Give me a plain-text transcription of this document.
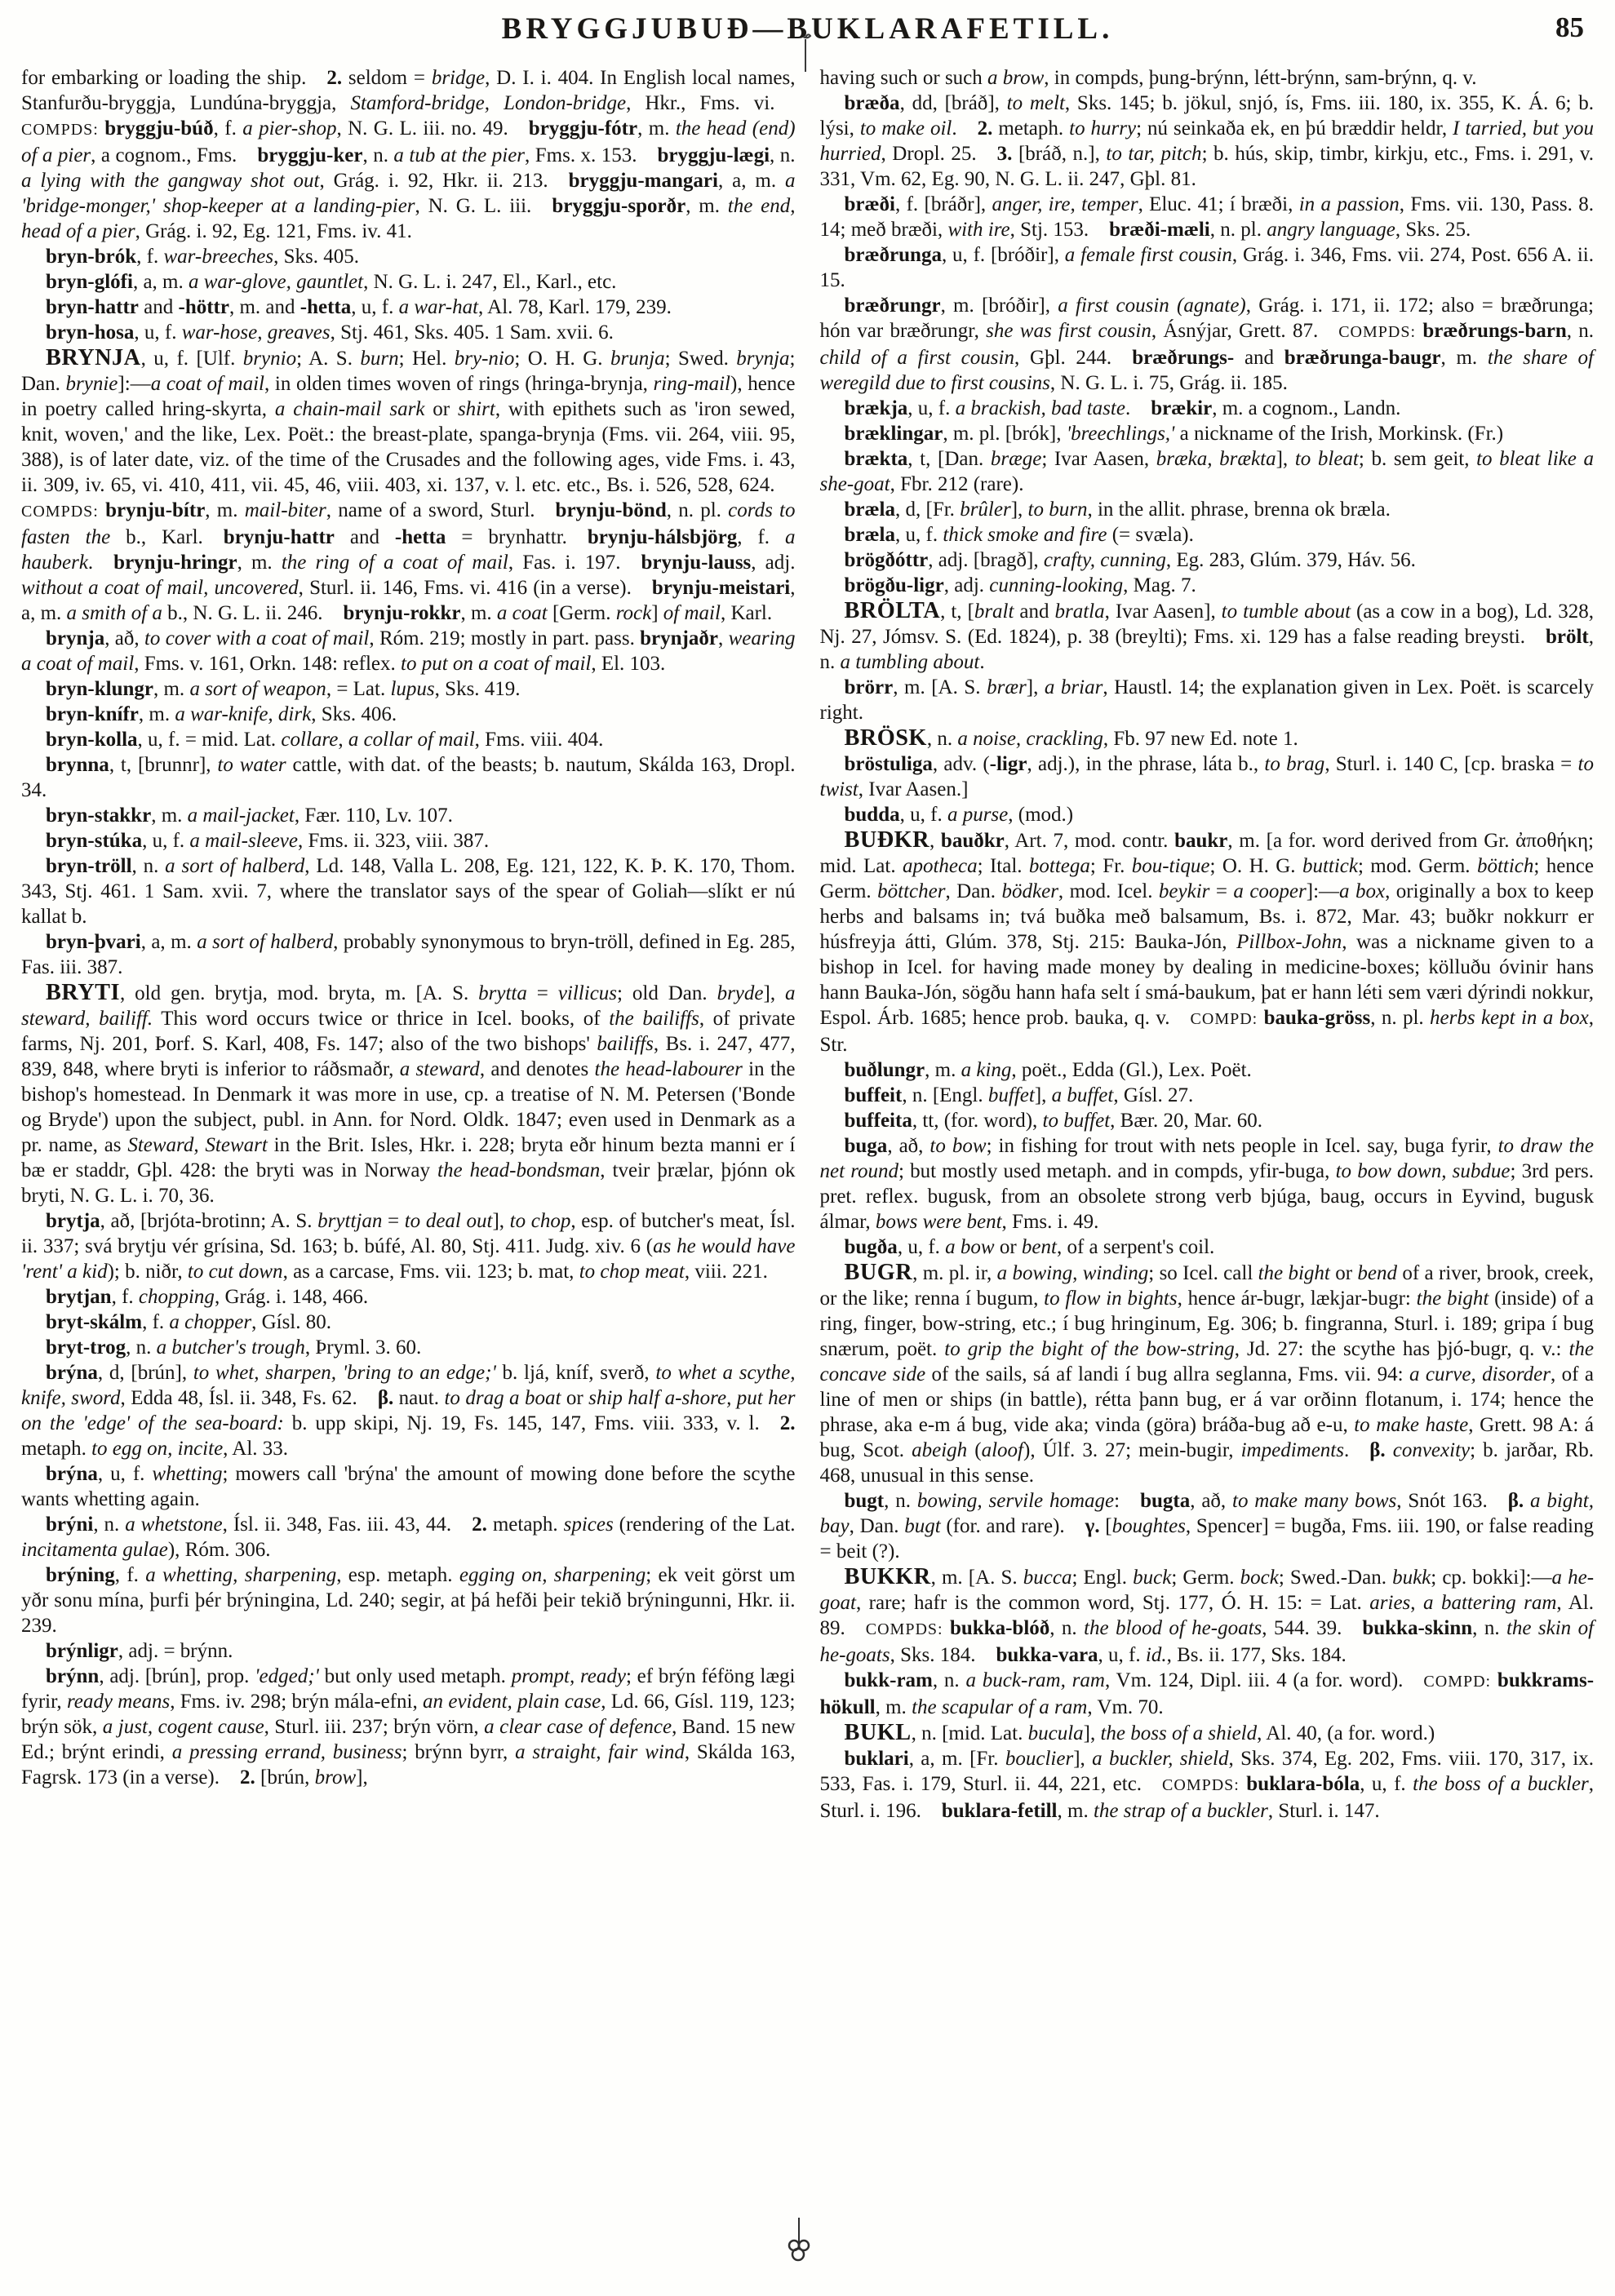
BRYGGJUBUÐ—BUKLARAFETILL.	85

for embarking or loading the ship.  2. seldom = bridge, D. I. i. 404. In English local names, Stanfurðu-bryggja, Lundúna-bryggja, Stamford-bridge, London-bridge, Hkr., Fms. vi.  COMPDS: bryggju-búð, f. a pier-shop, N. G. L. iii. no. 49.  bryggju-fótr, m. the head (end) of a pier, a cognom., Fms.  bryggju-ker, n. a tub at the pier, Fms. x. 153.  bryggju-lægi, n. a lying with the gangway shot out, Grág. i. 92, Hkr. ii. 213.  bryggju-mangari, a, m. a 'bridge-monger,' shop-keeper at a landing-pier, N. G. L. iii.  bryggju-sporðr, m. the end, head of a pier, Grág. i. 92, Eg. 121, Fms. iv. 41.

bryn-brók, f. war-breeches, Sks. 405.

bryn-glófi, a, m. a war-glove, gauntlet, N. G. L. i. 247, El., Karl., etc.

bryn-hattr and -höttr, m. and -hetta, u, f. a war-hat, Al. 78, Karl. 179, 239.

bryn-hosa, u, f. war-hose, greaves, Stj. 461, Sks. 405. 1 Sam. xvii. 6.

BRYNJA, u, f. [Ulf. brynio; A. S. burn; Hel. bry-nio; O. H. G. brunja; Swed. brynja; Dan. brynie]:—a coat of mail, in olden times woven of rings (hringa-brynja, ring-mail), hence in poetry called hring-skyrta, a chain-mail sark or shirt, with epithets such as 'iron sewed, knit, woven,' and the like, Lex. Poët.: the breast-plate, spanga-brynja (Fms. vii. 264, viii. 95, 388), is of later date, viz. of the time of the Crusades and the following ages, vide Fms. i. 43, ii. 309, iv. 65, vi. 410, 411, vii. 45, 46, viii. 403, xi. 137, v. l. etc. etc., Bs. i. 526, 528, 624.  COMPDS: brynju-bítr, m. mail-biter, name of a sword, Sturl.  brynju-bönd, n. pl. cords to fasten the b., Karl.  brynju-hattr and -hetta = brynhattr.  brynju-hálsbjörg, f. a hauberk.  brynju-hringr, m. the ring of a coat of mail, Fas. i. 197.  brynju-lauss, adj. without a coat of mail, uncovered, Sturl. ii. 146, Fms. vi. 416 (in a verse).  brynju-meistari, a, m. a smith of a b., N. G. L. ii. 246.  brynju-rokkr, m. a coat [Germ. rock] of mail, Karl.

brynja, að, to cover with a coat of mail, Róm. 219; mostly in part. pass. brynjaðr, wearing a coat of mail, Fms. v. 161, Orkn. 148: reflex. to put on a coat of mail, El. 103.

bryn-klungr, m. a sort of weapon, = Lat. lupus, Sks. 419.

bryn-knífr, m. a war-knife, dirk, Sks. 406.

bryn-kolla, u, f. = mid. Lat. collare, a collar of mail, Fms. viii. 404.

brynna, t, [brunnr], to water cattle, with dat. of the beasts; b. nautum, Skálda 163, Dropl. 34.

bryn-stakkr, m. a mail-jacket, Fær. 110, Lv. 107.

bryn-stúka, u, f. a mail-sleeve, Fms. ii. 323, viii. 387.

bryn-tröll, n. a sort of halberd, Ld. 148, Valla L. 208, Eg. 121, 122, K. Þ. K. 170, Thom. 343, Stj. 461. 1 Sam. xvii. 7, where the translator says of the spear of Goliah—slíkt er nú kallat b.

bryn-þvari, a, m. a sort of halberd, probably synonymous to bryn-tröll, defined in Eg. 285, Fas. iii. 387.

BRYTI, old gen. brytja, mod. bryta, m. [A. S. brytta = villicus; old Dan. bryde], a steward, bailiff. This word occurs twice or thrice in Icel. books, of the bailiffs, of private farms, Nj. 201, Þorf. S. Karl, 408, Fs. 147; also of the two bishops' bailiffs, Bs. i. 247, 477, 839, 848, where bryti is inferior to ráðsmaðr, a steward, and denotes the head-labourer in the bishop's homestead. In Denmark it was more in use, cp. a treatise of N. M. Petersen ('Bonde og Bryde') upon the subject, publ. in Ann. for Nord. Oldk. 1847; even used in Denmark as a pr. name, as Steward, Stewart in the Brit. Isles, Hkr. i. 228; bryta eðr hinum bezta manni er í bæ er staddr, Gþl. 428: the bryti was in Norway the head-bondsman, tveir þrælar, þjónn ok bryti, N. G. L. i. 70, 36.

brytja, að, [brjóta-brotinn; A. S. bryttjan = to deal out], to chop, esp. of butcher's meat, Ísl. ii. 337; svá brytju vér grísina, Sd. 163; b. búfé, Al. 80, Stj. 411. Judg. xiv. 6 (as he would have 'rent' a kid); b. niðr, to cut down, as a carcase, Fms. vii. 123; b. mat, to chop meat, viii. 221.

brytjan, f. chopping, Grág. i. 148, 466.

bryt-skálm, f. a chopper, Gísl. 80.

bryt-trog, n. a butcher's trough, Þryml. 3. 60.

brýna, d, [brún], to whet, sharpen, 'bring to an edge;' b. ljá, kníf, sverð, to whet a scythe, knife, sword, Edda 48, Ísl. ii. 348, Fs. 62.  β. naut. to drag a boat or ship half a-shore, put her on the 'edge' of the sea-board: b. upp skipi, Nj. 19, Fs. 145, 147, Fms. viii. 333, v. l.  2. metaph. to egg on, incite, Al. 33.

brýna, u, f. whetting; mowers call 'brýna' the amount of mowing done before the scythe wants whetting again.

brýni, n. a whetstone, Ísl. ii. 348, Fas. iii. 43, 44.  2. metaph. spices (rendering of the Lat. incitamenta gulae), Róm. 306.

brýning, f. a whetting, sharpening, esp. metaph. egging on, sharpening; ek veit görst um yðr sonu mína, þurfi þér brýningina, Ld. 240; segir, at þá hefði þeir tekið brýningunni, Hkr. ii. 239.

brýnligr, adj. = brýnn.

brýnn, adj. [brún], prop. 'edged;' but only used metaph. prompt, ready; ef brýn féföng lægi fyrir, ready means, Fms. iv. 298; brýn mála-efni, an evident, plain case, Ld. 66, Gísl. 119, 123; brýn sök, a just, cogent cause, Sturl. iii. 237; brýn vörn, a clear case of defence, Band. 15 new Ed.; brýnt erindi, a pressing errand, business; brýnn byrr, a straight, fair wind, Skálda 163, Fagrsk. 173 (in a verse).  2. [brún, brow],

having such or such a brow, in compds, þung-brýnn, létt-brýnn, sam-brýnn, q. v.

bræða, dd, [bráð], to melt, Sks. 145; b. jökul, snjó, ís, Fms. iii. 180, ix. 355, K. Á. 6; b. lýsi, to make oil.  2. metaph. to hurry; nú seinkaða ek, en þú bræddir heldr, I tarried, but you hurried, Dropl. 25.  3. [bráð, n.], to tar, pitch; b. hús, skip, timbr, kirkju, etc., Fms. i. 291, v. 331, Vm. 62, Eg. 90, N. G. L. ii. 247, Gþl. 81.

bræði, f. [bráðr], anger, ire, temper, Eluc. 41; í bræði, in a passion, Fms. vii. 130, Pass. 8. 14; með bræði, with ire, Stj. 153.  bræði-mæli, n. pl. angry language, Sks. 25.

bræðrunga, u, f. [bróðir], a female first cousin, Grág. i. 346, Fms. vii. 274, Post. 656 A. ii. 15.

bræðrungr, m. [bróðir], a first cousin (agnate), Grág. i. 171, ii. 172; also = bræðrunga; hón var bræðrungr, she was first cousin, Ásnýjar, Grett. 87.  COMPDS: bræðrungs-barn, n. child of a first cousin, Gþl. 244.  bræðrungs- and bræðrunga-baugr, m. the share of weregild due to first cousins, N. G. L. i. 75, Grág. ii. 185.

brækja, u, f. a brackish, bad taste.  brækir, m. a cognom., Landn.

bræklingar, m. pl. [brók], 'breechlings,' a nickname of the Irish, Morkinsk. (Fr.)

brækta, t, [Dan. bræge; Ivar Aasen, bræka, brækta], to bleat; b. sem geit, to bleat like a she-goat, Fbr. 212 (rare).

bræla, d, [Fr. brûler], to burn, in the allit. phrase, brenna ok bræla.

bræla, u, f. thick smoke and fire (= svæla).

brögðóttr, adj. [bragð], crafty, cunning, Eg. 283, Glúm. 379, Háv. 56.

brögðu-ligr, adj. cunning-looking, Mag. 7.

BRÖLTA, t, [bralt and bratla, Ivar Aasen], to tumble about (as a cow in a bog), Ld. 328, Nj. 27, Jómsv. S. (Ed. 1824), p. 38 (breylti); Fms. xi. 129 has a false reading breysti.  brölt, n. a tumbling about.

brörr, m. [A. S. brær], a briar, Haustl. 14; the explanation given in Lex. Poët. is scarcely right.

BRÖSK, n. a noise, crackling, Fb. 97 new Ed. note 1.

bröstuliga, adv. (-ligr, adj.), in the phrase, láta b., to brag, Sturl. i. 140 C, [cp. braska = to twist, Ivar Aasen.]

budda, u, f. a purse, (mod.)

BUÐKR, bauðkr, Art. 7, mod. contr. baukr, m. [a for. word derived from Gr. ἀποθήκη; mid. Lat. apotheca; Ital. bottega; Fr. bou-tique; O. H. G. buttick; mod. Germ. böttich; hence Germ. böttcher, Dan. bödker, mod. Icel. beykir = a cooper]:—a box, originally a box to keep herbs and balsams in; tvá buðka með balsamum, Bs. i. 872, Mar. 43; buðkr nokkurr er húsfreyja átti, Glúm. 378, Stj. 215: Bauka-Jón, Pillbox-John, was a nickname given to a bishop in Icel. for having made money by dealing in medicine-boxes; kölluðu óvinir hans hann Bauka-Jón, sögðu hann hafa selt í smá-baukum, þat er hann léti sem væri dýrindi nokkur, Espol. Árb. 1685; hence prob. bauka, q. v.  COMPD: bauka-gröss, n. pl. herbs kept in a box, Str.

buðlungr, m. a king, poët., Edda (Gl.), Lex. Poët.

buffeit, n. [Engl. buffet], a buffet, Gísl. 27.

buffeita, tt, (for. word), to buffet, Bær. 20, Mar. 60.

buga, að, to bow; in fishing for trout with nets people in Icel. say, buga fyrir, to draw the net round; but mostly used metaph. and in compds, yfir-buga, to bow down, subdue; 3rd pers. pret. reflex. bugusk, from an obsolete strong verb bjúga, baug, occurs in Eyvind, bugusk álmar, bows were bent, Fms. i. 49.

bugða, u, f. a bow or bent, of a serpent's coil.

BUGR, m. pl. ir, a bowing, winding; so Icel. call the bight or bend of a river, brook, creek, or the like; renna í bugum, to flow in bights, hence ár-bugr, lækjar-bugr: the bight (inside) of a ring, finger, bow-string, etc.; í bug hringinum, Eg. 306; b. fingranna, Sturl. i. 189; gripa í bug snærum, poët. to grip the bight of the bow-string, Jd. 27: the scythe has þjó-bugr, q. v.: the concave side of the sails, sá af landi í bug allra seglanna, Fms. vii. 94: a curve, disorder, of a line of men or ships (in battle), rétta þann bug, er á var orðinn flotanum, i. 174; hence the phrase, aka e-m á bug, vide aka; vinda (göra) bráða-bug að e-u, to make haste, Grett. 98 A: á bug, Scot. abeigh (aloof), Úlf. 3. 27; mein-bugir, impediments.  β. convexity; b. jarðar, Rb. 468, unusual in this sense.

bugt, n. bowing, servile homage:  bugta, að, to make many bows, Snót 163.  β. a bight, bay, Dan. bugt (for. and rare).  γ. [boughtes, Spencer] = bugða, Fms. iii. 190, or false reading = beit (?).

BUKKR, m. [A. S. bucca; Engl. buck; Germ. bock; Swed.-Dan. bukk; cp. bokki]:—a he-goat, rare; hafr is the common word, Stj. 177, Ó. H. 15: = Lat. aries, a battering ram, Al. 89.  COMPDS: bukka-blóð, n. the blood of he-goats, 544. 39.  bukka-skinn, n. the skin of he-goats, Sks. 184.  bukka-vara, u, f. id., Bs. ii. 177, Sks. 184.

bukk-ram, n. a buck-ram, ram, Vm. 124, Dipl. iii. 4 (a for. word).  COMPD: bukkrams-hökull, m. the scapular of a ram, Vm. 70.

BUKL, n. [mid. Lat. bucula], the boss of a shield, Al. 40, (a for. word.)

buklari, a, m. [Fr. bouclier], a buckler, shield, Sks. 374, Eg. 202, Fms. viii. 170, 317, ix. 533, Fas. i. 179, Sturl. ii. 44, 221, etc.  COMPDS: buklara-bóla, u, f. the boss of a buckler, Sturl. i. 196.  buklara-fetill, m. the strap of a buckler, Sturl. i. 147.
